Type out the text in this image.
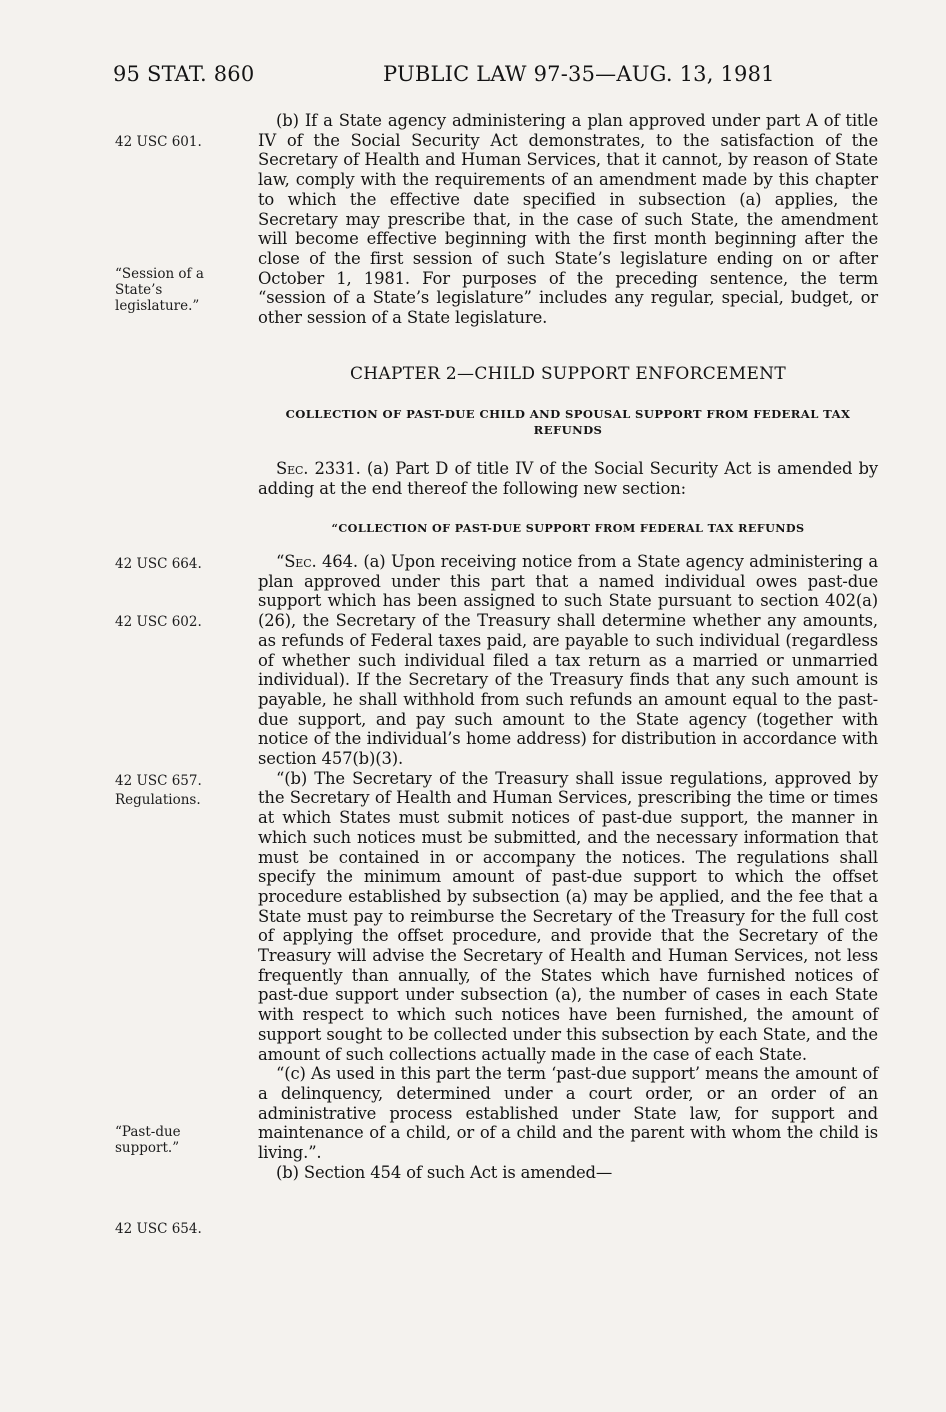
95 STAT. 860	PUBLIC LAW 97-35—AUG. 13, 1981
42 USC 601.
“Session of a State’s legislature.”
42 USC 664.
42 USC 602.
42 USC 657.
Regulations.
“Past-due support.”
42 USC 654.

(b) If a State agency administering a plan approved under part A of title IV of the Social Security Act demonstrates, to the satisfaction of the Secretary of Health and Human Services, that it cannot, by reason of State law, comply with the requirements of an amendment made by this chapter to which the effective date specified in subsection (a) applies, the Secretary may prescribe that, in the case of such State, the amendment will become effective beginning with the first month beginning after the close of the first session of such State’s legislature ending on or after October 1, 1981. For purposes of the preceding sentence, the term “session of a State’s legislature” includes any regular, special, budget, or other session of a State legislature.

CHAPTER 2—CHILD SUPPORT ENFORCEMENT
COLLECTION OF PAST-DUE CHILD AND SPOUSAL SUPPORT FROM FEDERAL TAX REFUNDS

Sec. 2331. (a) Part D of title IV of the Social Security Act is amended by adding at the end thereof the following new section:

“COLLECTION OF PAST-DUE SUPPORT FROM FEDERAL TAX REFUNDS

“Sec. 464. (a) Upon receiving notice from a State agency administering a plan approved under this part that a named individual owes past-due support which has been assigned to such State pursuant to section 402(a)(26), the Secretary of the Treasury shall determine whether any amounts, as refunds of Federal taxes paid, are payable to such individual (regardless of whether such individual filed a tax return as a married or unmarried individual). If the Secretary of the Treasury finds that any such amount is payable, he shall withhold from such refunds an amount equal to the past-due support, and pay such amount to the State agency (together with notice of the individual’s home address) for distribution in accordance with section 457(b)(3).

“(b) The Secretary of the Treasury shall issue regulations, approved by the Secretary of Health and Human Services, prescribing the time or times at which States must submit notices of past-due support, the manner in which such notices must be submitted, and the necessary information that must be contained in or accompany the notices. The regulations shall specify the minimum amount of past-due support to which the offset procedure established by subsection (a) may be applied, and the fee that a State must pay to reimburse the Secretary of the Treasury for the full cost of applying the offset procedure, and provide that the Secretary of the Treasury will advise the Secretary of Health and Human Services, not less frequently than annually, of the States which have furnished notices of past-due support under subsection (a), the number of cases in each State with respect to which such notices have been furnished, the amount of support sought to be collected under this subsection by each State, and the amount of such collections actually made in the case of each State.

“(c) As used in this part the term ‘past-due support’ means the amount of a delinquency, determined under a court order, or an order of an administrative process established under State law, for support and maintenance of a child, or of a child and the parent with whom the child is living.”.

(b) Section 454 of such Act is amended—
